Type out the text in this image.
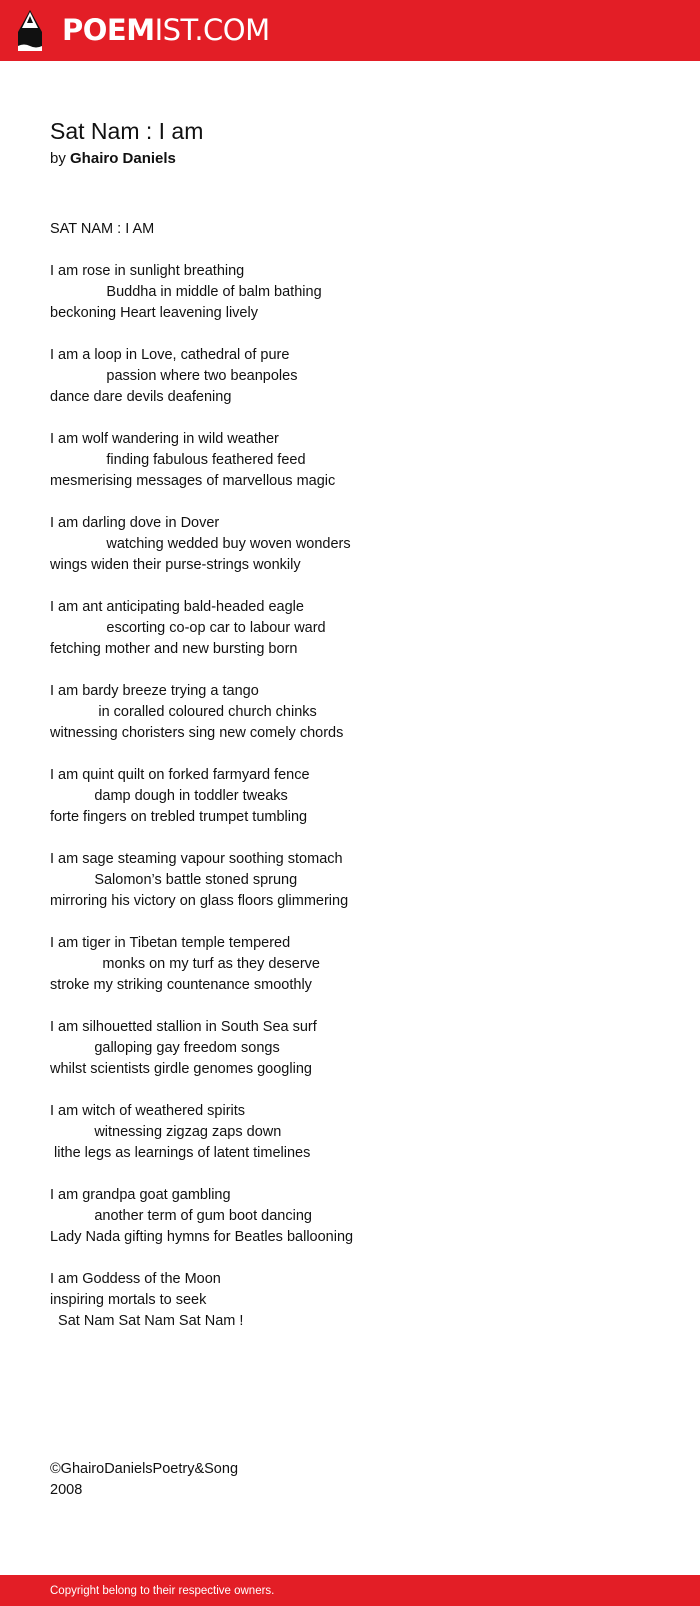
POEMIST.COM
Sat Nam : I am
by Ghairo Daniels
SAT NAM : I AM
I am rose in sunlight breathing
Buddha in middle of balm bathing
beckoning Heart leavening lively
I am a loop in Love, cathedral of pure
passion where two beanpoles
dance dare devils deafening
I am wolf wandering in wild weather
finding fabulous feathered feed
mesmerising messages of marvellous magic
I am darling dove in Dover
watching wedded buy woven wonders
wings widen their purse-strings wonkily
I am ant anticipating bald-headed eagle
escorting co-op car to labour ward
fetching mother and new bursting born
I am bardy breeze trying a tango
in coralled coloured church chinks
witnessing choristers sing new comely chords
I am quint quilt on forked farmyard fence
damp dough in toddler tweaks
forte fingers on trebled trumpet tumbling
I am sage steaming vapour soothing stomach
Salomon’s battle stoned sprung
mirroring his victory on glass floors glimmering
I am tiger in Tibetan temple tempered
monks on my turf as they deserve
stroke my striking countenance smoothly
I am silhouetted stallion in South Sea surf
galloping gay freedom songs
whilst scientists girdle genomes googling
I am witch of weathered spirits
witnessing zigzag zaps down
lithe legs as learnings of latent timelines
I am grandpa goat gambling
another term of gum boot dancing
Lady Nada gifting hymns for Beatles ballooning
I am Goddess of the Moon
inspiring mortals to seek
Sat Nam Sat Nam Sat Nam !
©GhairoDanielsPoetry&Song
2008
Copyright belong to their respective owners.
